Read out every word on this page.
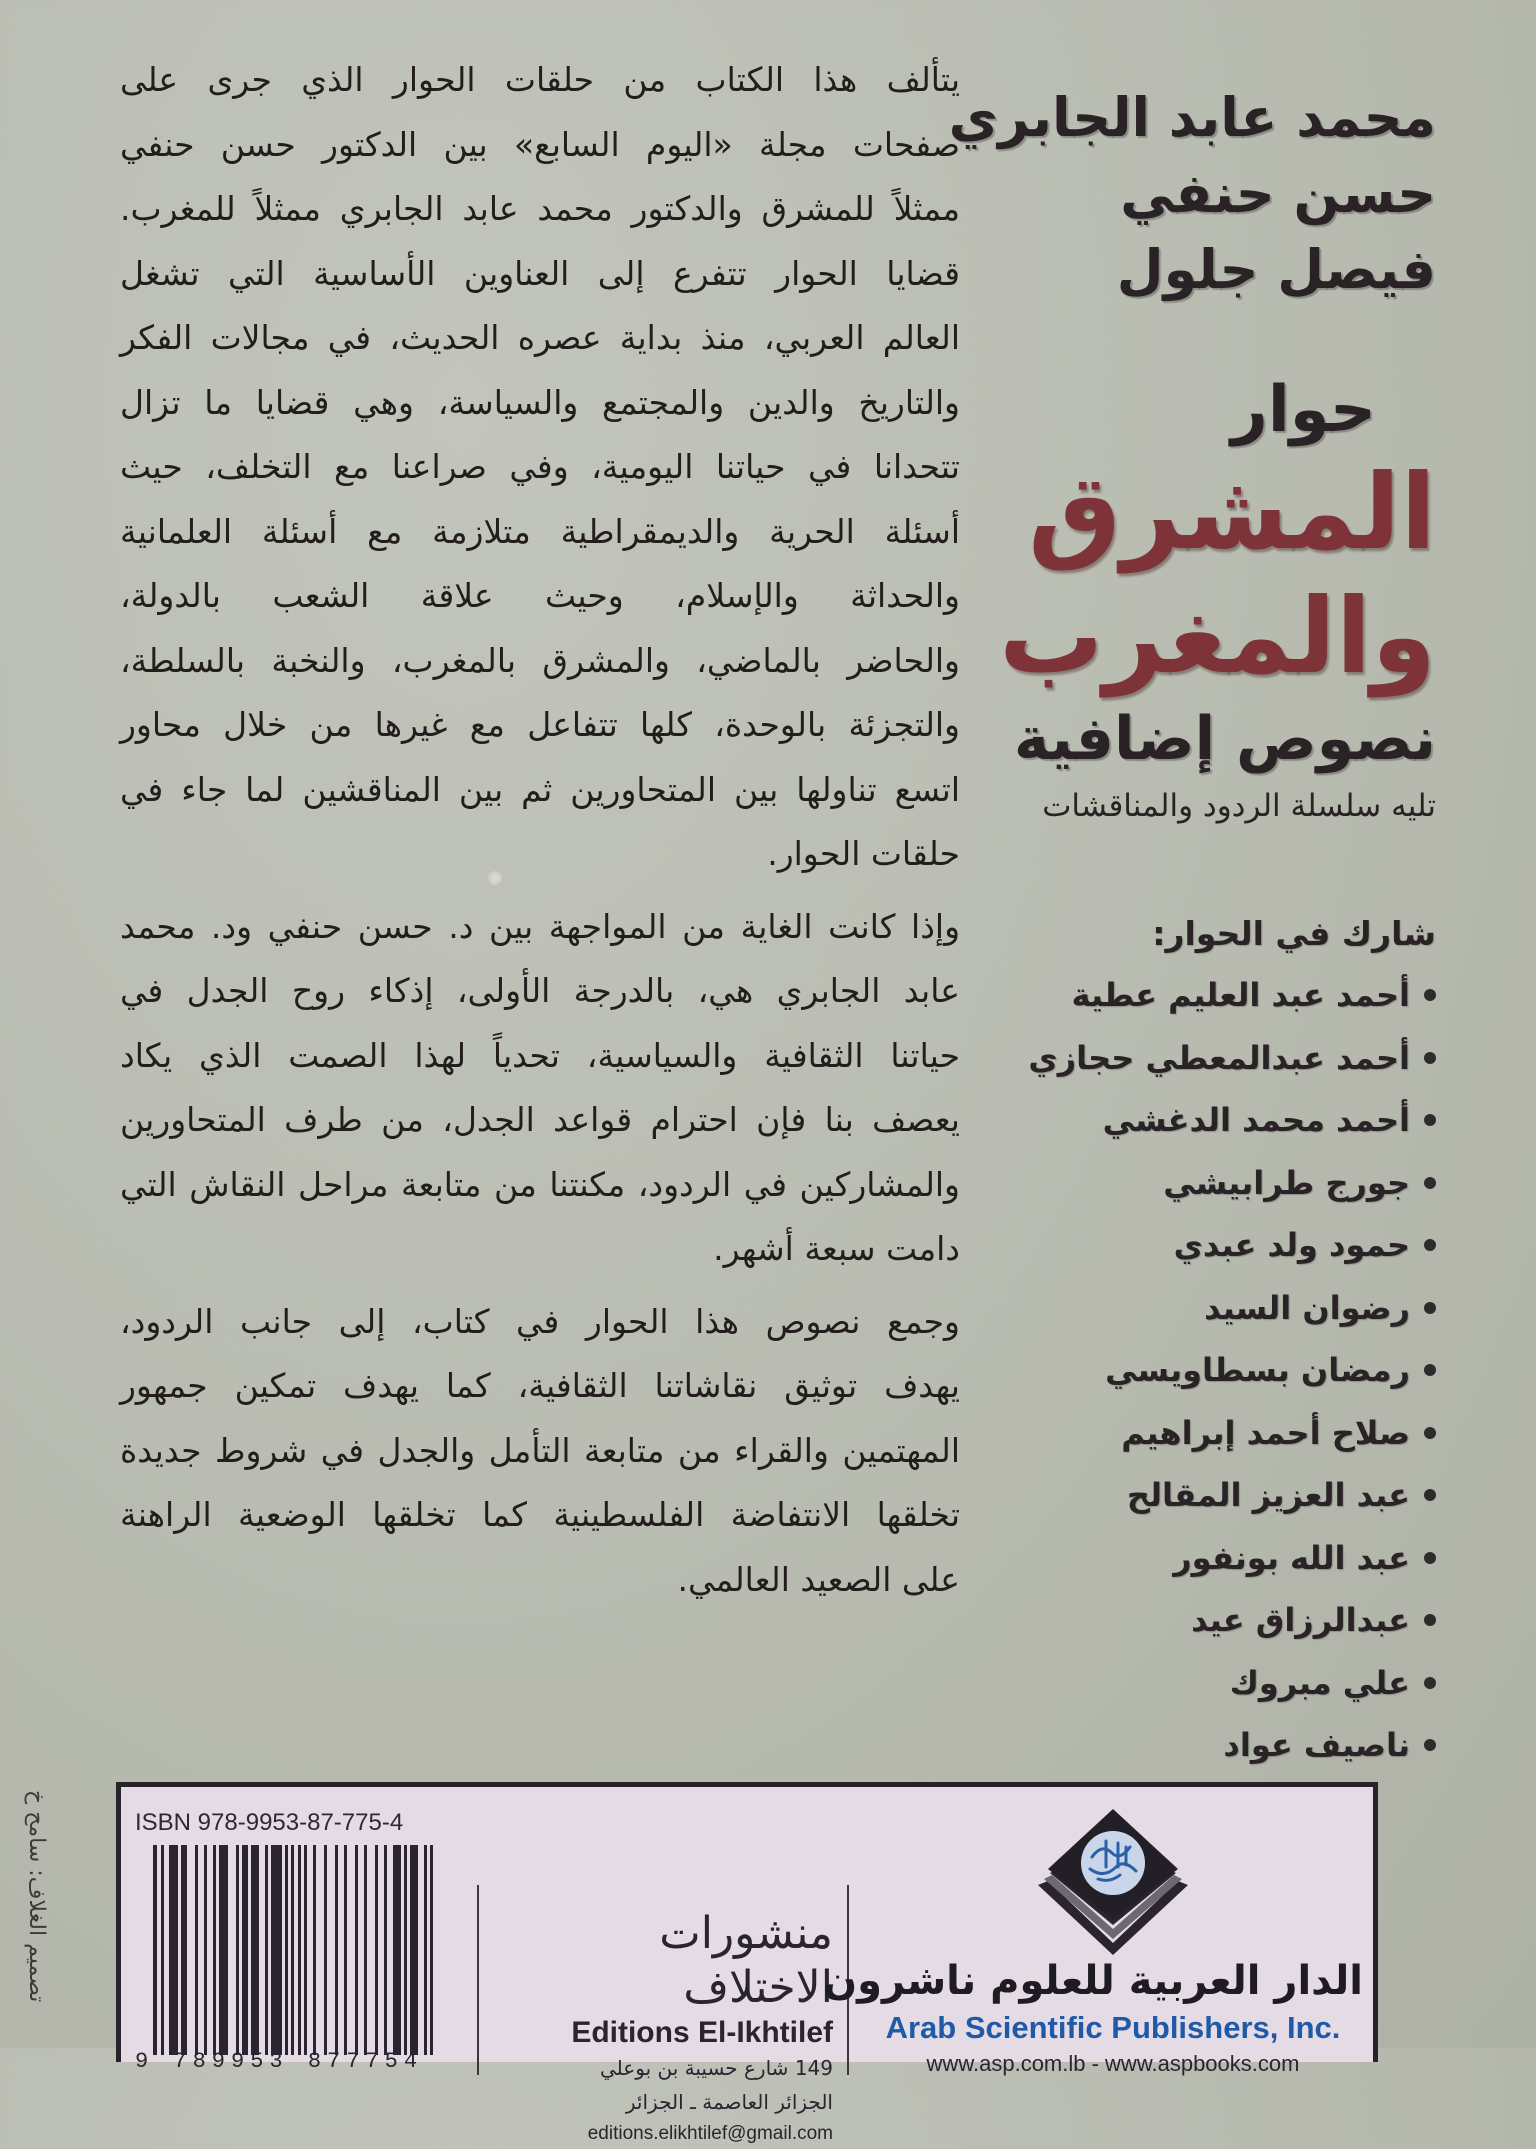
يتألف هذا الكتاب من حلقات الحوار الذي جرى على
صفحات مجلة «اليوم السابع» بين الدكتور حسن حنفي
ممثلاً للمشرق والدكتور محمد عابد الجابري ممثلاً للمغرب.
قضايا الحوار تتفرع إلى العناوين الأساسية التي تشغل
العالم العربي، منذ بداية عصره الحديث، في مجالات الفكر
والتاريخ والدين والمجتمع والسياسة، وهي قضايا ما تزال
تتحدانا في حياتنا اليومية، وفي صراعنا مع التخلف، حيث
أسئلة الحرية والديمقراطية متلازمة مع أسئلة العلمانية
والحداثة والإسلام، وحيث علاقة الشعب بالدولة،
والحاضر بالماضي، والمشرق بالمغرب، والنخبة بالسلطة،
والتجزئة بالوحدة، كلها تتفاعل مع غيرها من خلال محاور
اتسع تناولها بين المتحاورين ثم بين المناقشين لما جاء في
حلقات الحوار.
وإذا كانت الغاية من المواجهة بين د. حسن حنفي ود. محمد
عابد الجابري هي، بالدرجة الأولى، إذكاء روح الجدل في
حياتنا الثقافية والسياسية، تحدياً لهذا الصمت الذي يكاد
يعصف بنا فإن احترام قواعد الجدل، من طرف المتحاورين
والمشاركين في الردود، مكنتنا من متابعة مراحل النقاش التي
دامت سبعة أشهر.
وجمع نصوص هذا الحوار في كتاب، إلى جانب الردود،
يهدف توثيق نقاشاتنا الثقافية، كما يهدف تمكين جمهور
المهتمين والقراء من متابعة التأمل والجدل في شروط جديدة
تخلقها الانتفاضة الفلسطينية كما تخلقها الوضعية الراهنة
على الصعيد العالمي.
محمد عابد الجابري
حسن حنفي
فيصل جلول
حوار
المشرق
والمغرب
نصوص إضافية
تليه سلسلة الردود والمناقشات
شارك في الحوار:
أحمد عبد العليم عطية
أحمد عبدالمعطي حجازي
أحمد محمد الدغشي
جورج طرابيشي
حمود ولد عبدي
رضوان السيد
رمضان بسطاويسي
صلاح أحمد إبراهيم
عبد العزيز المقالح
عبد الله بونفور
عبدالرزاق عيد
علي مبروك
ناصيف عواد
تصميم الغلاف: سامح خ	ISBN 978-9953-87-775-4
9 789953 877754
منشورات الاختلاف
Editions El-Ikhtilef
149 شارع حسيبة بن بوعلي
الجزائر العاصمة ـ الجزائر
editions.elikhtilef@gmail.com
الدار العربية للعلوم ناشرون
Arab Scientific Publishers, Inc.
www.asp.com.lb - www.aspbooks.com
